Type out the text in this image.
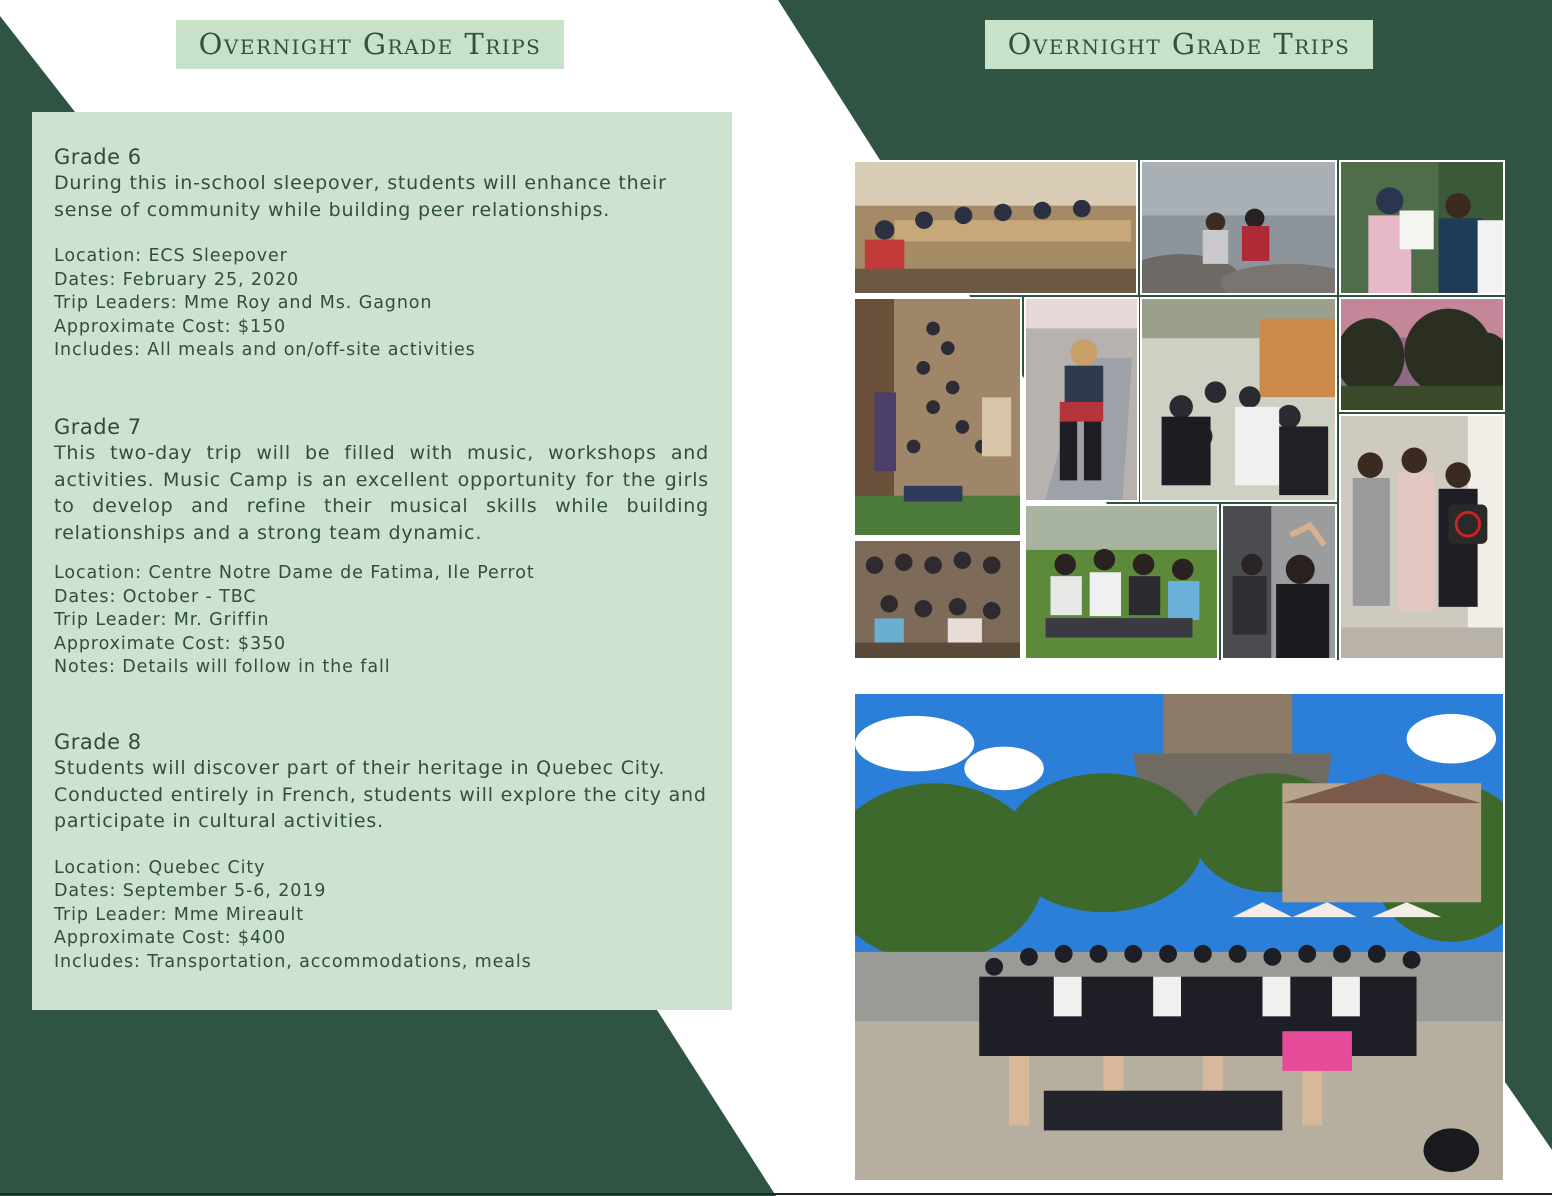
Overnight Grade Trips	Overnight Grade Trips
Grade 6
During this in-school sleepover, students will enhance their sense of community while building peer relationships.
Location: ECS Sleepover
Dates: February 25, 2020
Trip Leaders: Mme Roy and Ms. Gagnon
Approximate Cost: $150
Includes: All meals and on/off-site activities
Grade 7
This two-day trip will be filled with music, workshops and activities. Music Camp is an excellent opportunity for the girls to develop and refine their musical skills while building relationships and a strong team dynamic.
Location: Centre Notre Dame de Fatima, Ile Perrot
Dates: October - TBC
Trip Leader: Mr. Griffin
Approximate Cost: $350
Notes: Details will follow in the fall
Grade 8
Students will discover part of their heritage in Quebec City. Conducted entirely in French, students will explore the city and participate in cultural activities.
Location: Quebec City
Dates: September 5-6, 2019
Trip Leader: Mme Mireault
Approximate Cost: $400
Includes: Transportation, accommodations, meals
